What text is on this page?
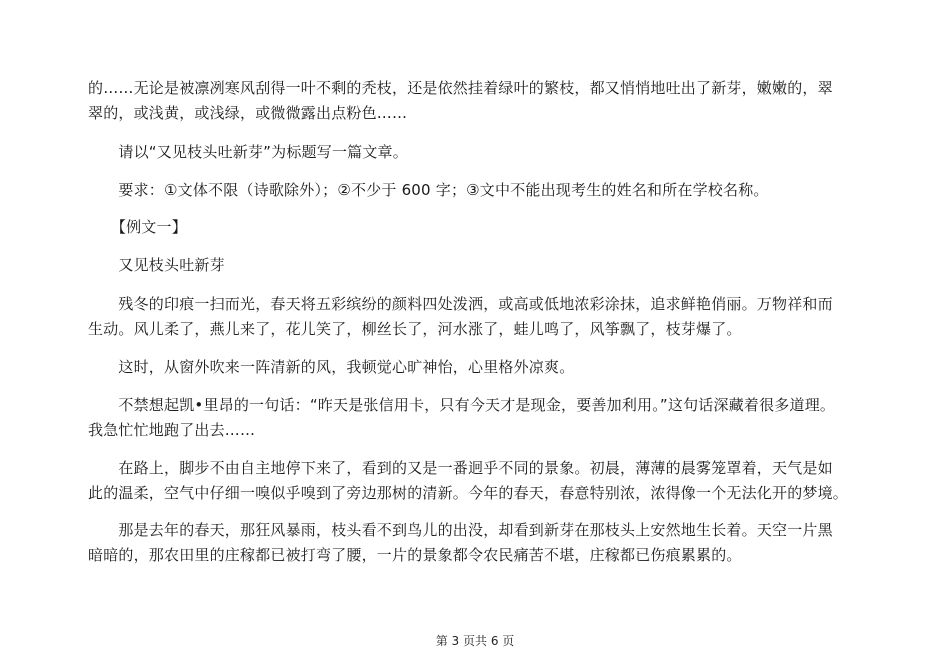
的……无论是被凛冽寒风刮得一叶不剩的秃枝，还是依然挂着绿叶的繁枝，都又悄悄地吐出了新芽，嫩嫩的，翠
翠的，或浅黄，或浅绿，或微微露出点粉色……
　　请以“又见枝头吐新芽”为标题写一篇文章。
　　要求：①文体不限（诗歌除外）；②不少于 600 字；③文中不能出现考生的姓名和所在学校名称。
　　【例文一】
　　又见枝头吐新芽
　　残冬的印痕一扫而光，春天将五彩缤纷的颜料四处泼洒，或高或低地浓彩涂抹，追求鲜艳俏丽。万物祥和而
生动。风儿柔了，燕儿来了，花儿笑了，柳丝长了，河水涨了，蛙儿鸣了，风筝飘了，枝芽爆了。
　　这时，从窗外吹来一阵清新的风，我顿觉心旷神怡，心里格外凉爽。
　　不禁想起凯•里昂的一句话：“昨天是张信用卡，只有今天才是现金，要善加利用。”这句话深藏着很多道理。
我急忙忙地跑了出去……
　　在路上，脚步不由自主地停下来了，看到的又是一番迥乎不同的景象。初晨，薄薄的晨雾笼罩着，天气是如
此的温柔，空气中仔细一嗅似乎嗅到了旁边那树的清新。今年的春天，春意特别浓，浓得像一个无法化开的梦境。
　　那是去年的春天，那狂风暴雨，枝头看不到鸟儿的出没，却看到新芽在那枝头上安然地生长着。天空一片黑
暗暗的，那农田里的庄稼都已被打弯了腰，一片的景象都令农民痛苦不堪，庄稼都已伤痕累累的。
第 3 页共 6 页
